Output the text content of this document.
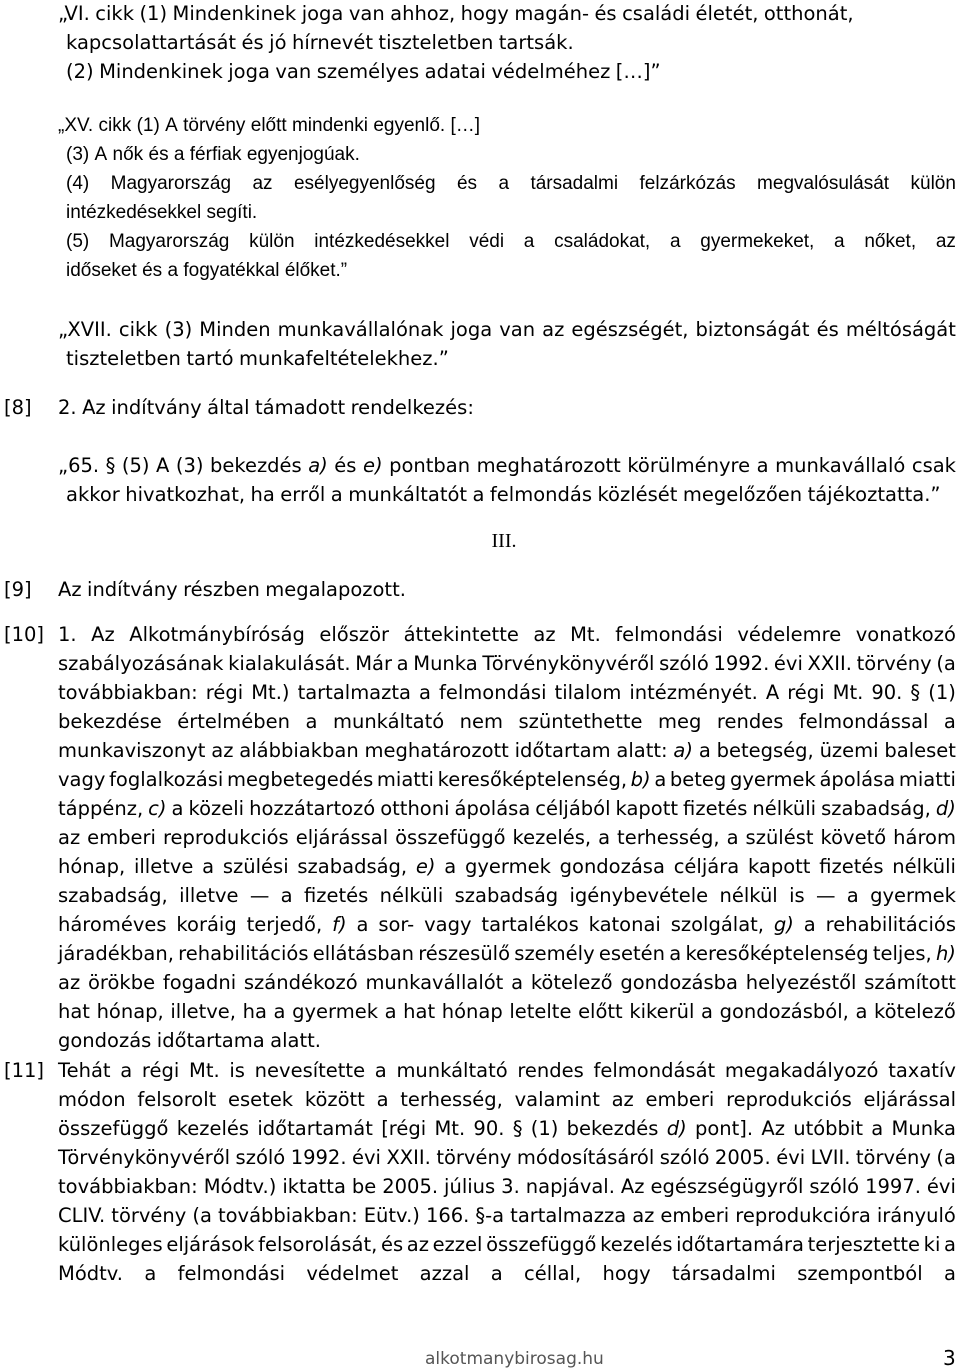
„VI. cikk (1) Mindenkinek joga van ahhoz, hogy magán- és családi életét, otthonát,
kapcsolattartását és jó hírnevét tiszteletben tartsák.
(2) Mindenkinek joga van személyes adatai védelméhez […]”
„XV. cikk (1) A törvény előtt mindenki egyenlő. […]
(3) A nők és a férfiak egyenjogúak.
(4) Magyarország az esélyegyenlőség és a társadalmi felzárkózás megvalósulását külön
intézkedésekkel segíti.
(5) Magyarország külön intézkedésekkel védi a családokat, a gyermekeket, a nőket, az
időseket és a fogyatékkal élőket.”
„XVII. cikk (3) Minden munkavállalónak joga van az egészségét, biztonságát és méltóságát
tiszteletben tartó munkafeltételekhez.”
[8] 2. Az indítvány által támadott rendelkezés:
„65. § (5) A (3) bekezdés a) és e) pontban meghatározott körülményre a munkavállaló csak
akkor hivatkozhat, ha erről a munkáltatót a felmondás közlését megelőzően tájékoztatta.”
III.
[9] Az indítvány részben megalapozott.
[10] 1. Az Alkotmánybíróság először áttekintette az Mt. felmondási védelemre vonatkozó
szabályozásának kialakulását. Már a Munka Törvénykönyvéről szóló 1992. évi XXII. törvény (a
továbbiakban: régi Mt.) tartalmazta a felmondási tilalom intézményét. A régi Mt. 90. § (1)
bekezdése értelmében a munkáltató nem szüntethette meg rendes felmondással a
munkaviszonyt az alábbiakban meghatározott időtartam alatt: a) a betegség, üzemi baleset
vagy foglalkozási megbetegedés miatti keresőképtelenség, b) a beteg gyermek ápolása miatti
táppénz, c) a közeli hozzátartozó otthoni ápolása céljából kapott fizetés nélküli szabadság, d)
az emberi reprodukciós eljárással összefüggő kezelés, a terhesség, a szülést követő három
hónap, illetve a szülési szabadság, e) a gyermek gondozása céljára kapott fizetés nélküli
szabadság, illetve — a fizetés nélküli szabadság igénybevétele nélkül is — a gyermek
hároméves koráig terjedő, f) a sor- vagy tartalékos katonai szolgálat, g) a rehabilitációs
járadékban, rehabilitációs ellátásban részesülő személy esetén a keresőképtelenség teljes, h)
az örökbe fogadni szándékozó munkavállalót a kötelező gondozásba helyezéstől számított
hat hónap, illetve, ha a gyermek a hat hónap letelte előtt kikerül a gondozásból, a kötelező
gondozás időtartama alatt.
[11] Tehát a régi Mt. is nevesítette a munkáltató rendes felmondását megakadályozó taxatív
módon felsorolt esetek között a terhesség, valamint az emberi reprodukciós eljárással
összefüggő kezelés időtartamát [régi Mt. 90. § (1) bekezdés d) pont]. Az utóbbit a Munka
Törvénykönyvéről szóló 1992. évi XXII. törvény módosításáról szóló 2005. évi LVII. törvény (a
továbbiakban: Módtv.) iktatta be 2005. július 3. napjával. Az egészségügyről szóló 1997. évi
CLIV. törvény (a továbbiakban: Eütv.) 166. §-a tartalmazza az emberi reprodukcióra irányuló
különleges eljárások felsorolását, és az ezzel összefüggő kezelés időtartamára terjesztette ki a
Módtv. a felmondási védelmet azzal a céllal, hogy társadalmi szempontból a
alkotmanybirosag.hu	3
